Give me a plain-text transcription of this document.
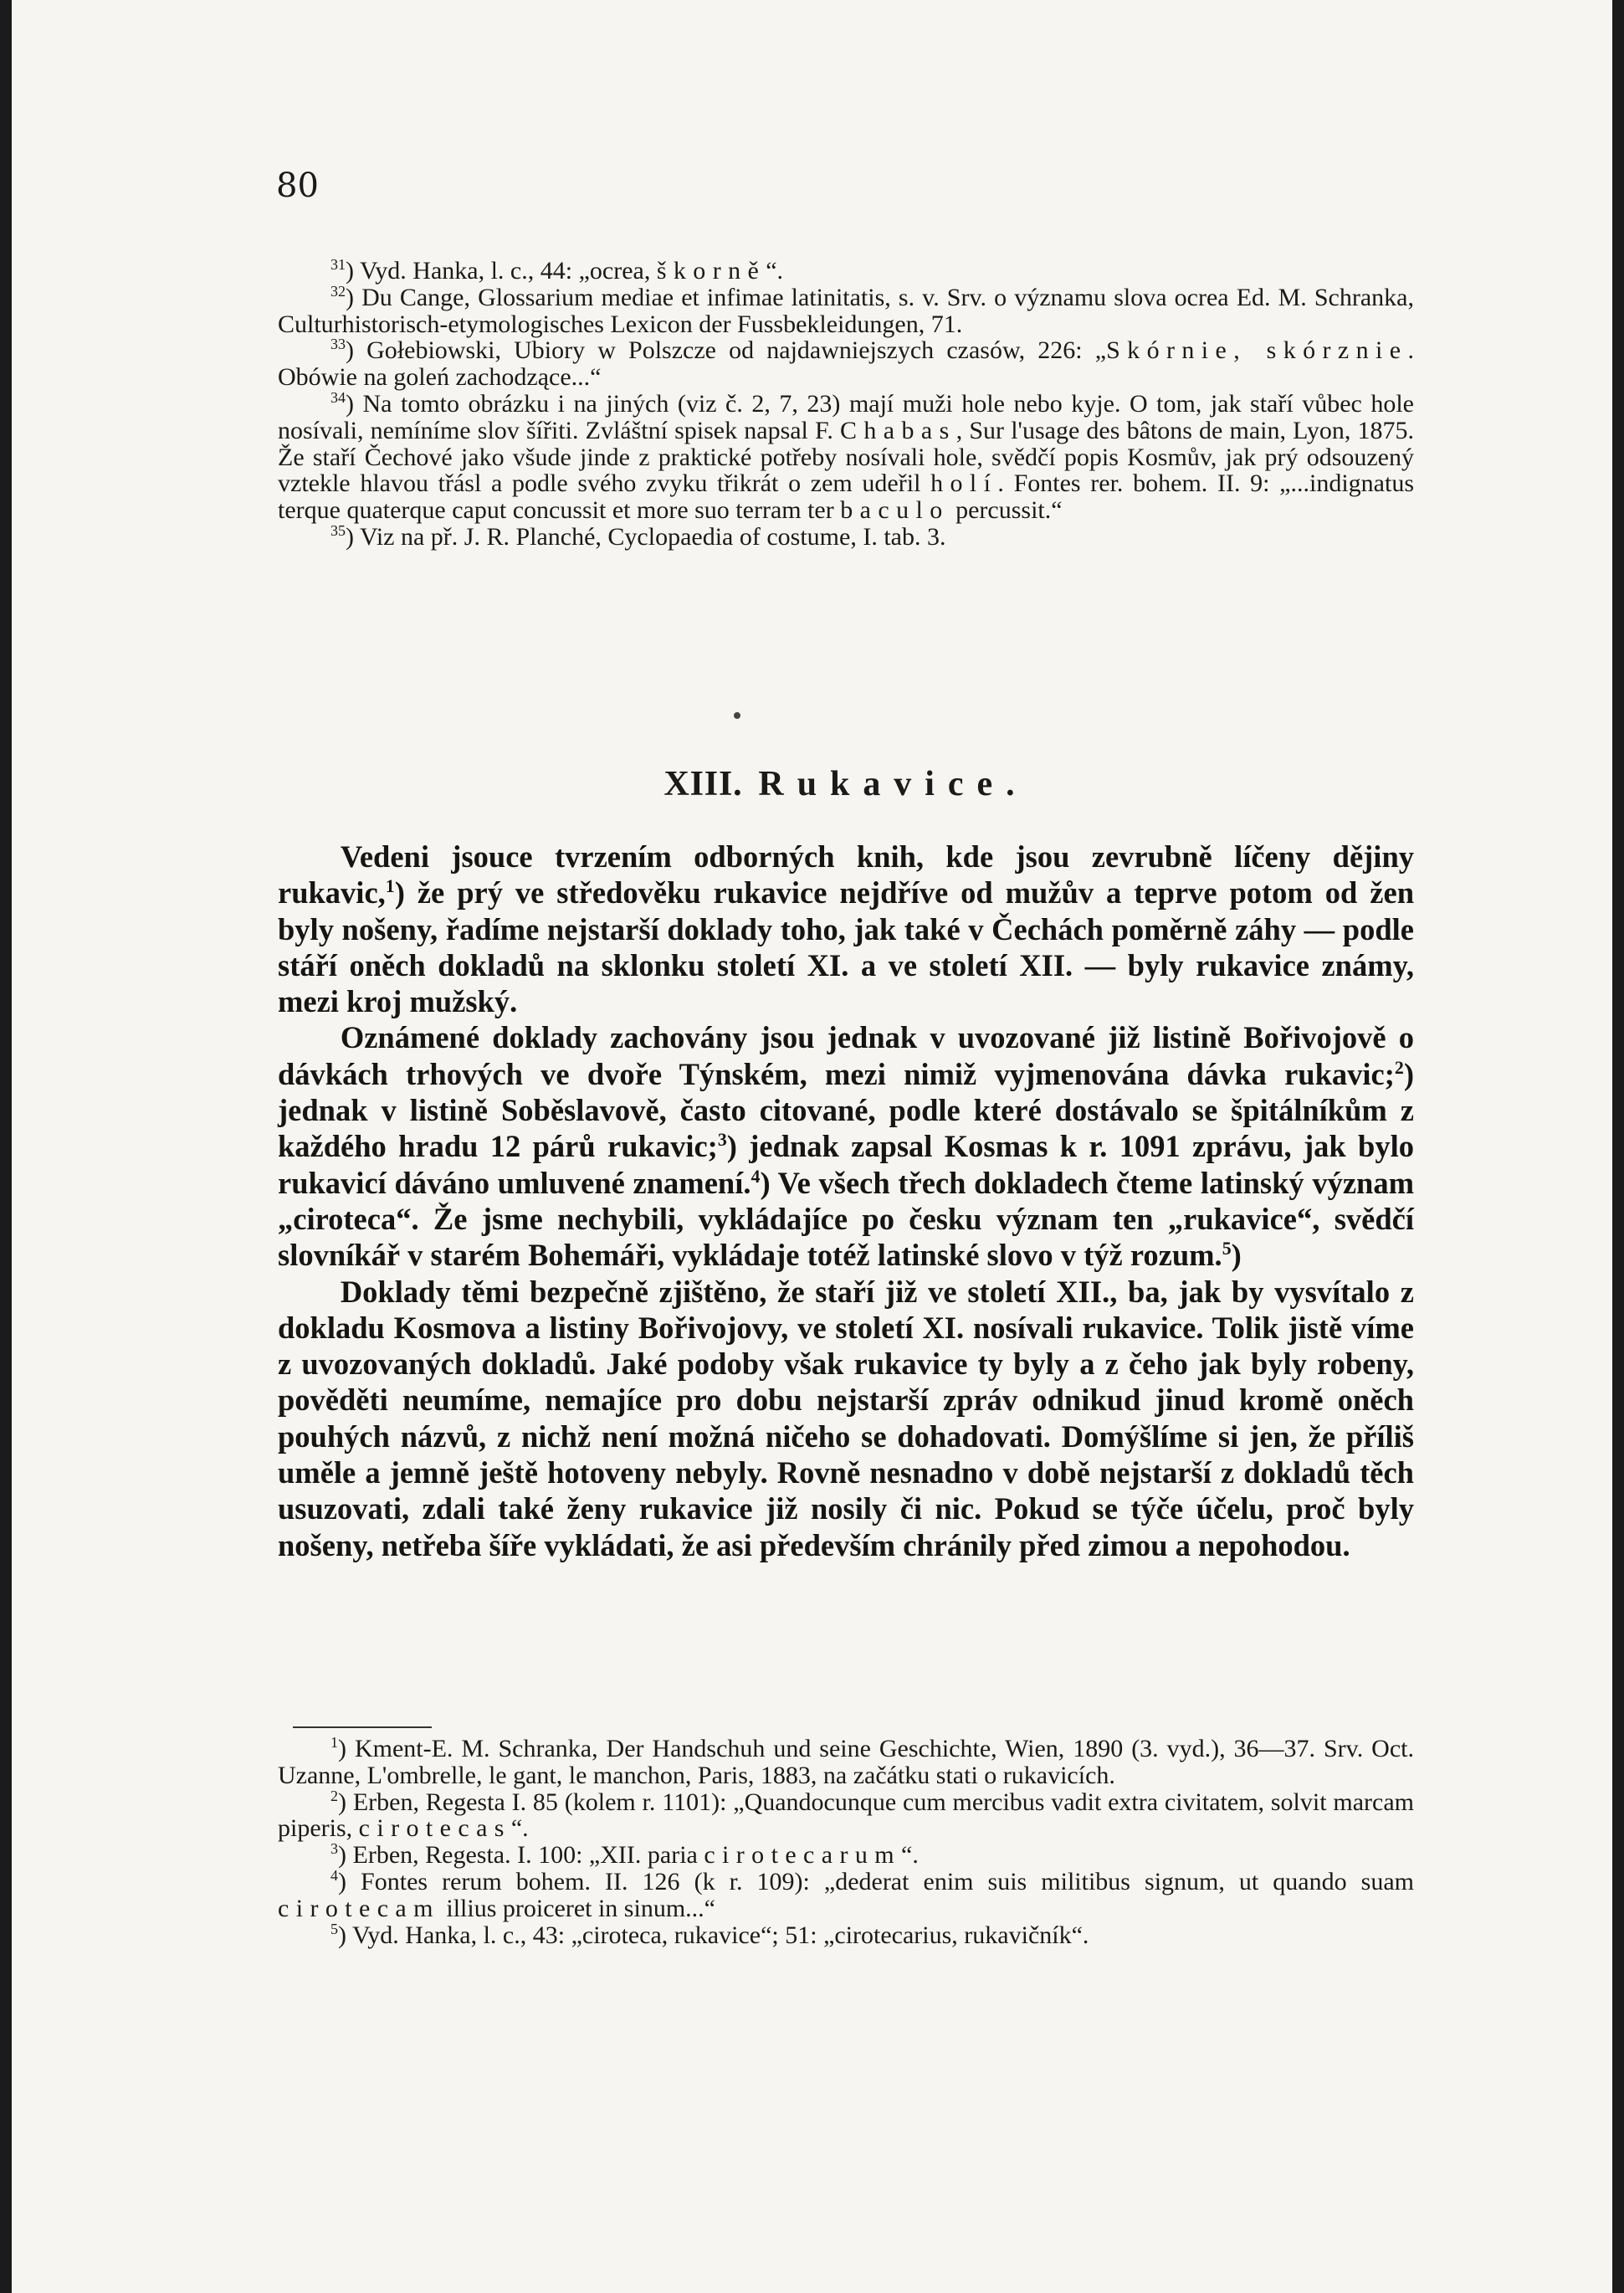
80

$^{31}$) Vyd. Hanka, l. c., 44: „ocrea, škorně“.

$^{32}$) Du Cange, Glossarium mediae et infimae latinitatis, s. v. Srv. o významu slova ocrea Ed. M. Schranka, Culturhistorisch-etymologisches Lexicon der Fussbekleidungen, 71.

$^{33}$) Gołebiowski, Ubiory w Polszcze od najdawniejszych czasów, 226: „Skórnie, skórznie. Obówie na goleń zachodzące...“

$^{34}$) Na tomto obrázku i na jiných (viz č. 2, 7, 23) mají muži hole nebo kyje. O tom, jak staří vůbec hole nosívali, nemíníme slov šířiti. Zvláštní spisek napsal F. Chabas, Sur l'usage des bâtons de main, Lyon, 1875. Že staří Čechové jako všude jinde z praktické potřeby nosívali hole, svědčí popis Kosmův, jak prý odsouzený vztekle hlavou třásl a podle svého zvyku třikrát o zem udeřil holí. Fontes rer. bohem. II. 9: „...indignatus terque quaterque caput concussit et more suo terram ter baculo percussit.“

$^{35}$) Viz na př. J. R. Planché, Cyclopaedia of costume, I. tab. 3.

XIII. Rukavice.

Vedeni jsouce tvrzením odborných knih, kde jsou zevrubně líčeny dějiny rukavic,$^1$) že prý ve středověku rukavice nejdříve od mužův a teprve potom od žen byly nošeny, řadíme nejstarší doklady toho, jak také v Čechách poměrně záhy — podle stáří oněch dokladů na sklonku století XI. a ve století XII. — byly rukavice známy, mezi kroj mužský.

Oznámené doklady zachovány jsou jednak v uvozované již listině Bořivojově o dávkách trhových ve dvoře Týnském, mezi nimiž vyjmenována dávka rukavic;$^2$) jednak v listině Soběslavově, často citované, podle které dostávalo se špitálníkům z každého hradu 12 párů rukavic;$^3$) jednak zapsal Kosmas k r. 1091 zprávu, jak bylo rukavicí dáváno umluvené znamení.$^4$) Ve všech třech dokladech čteme latinský význam „ciroteca“. Že jsme nechybili, vykládajíce po česku význam ten „rukavice“, svědčí slovníkář v starém Bohemáři, vykládaje totéž latinské slovo v týž rozum.$^5$)

Doklady těmi bezpečně zjištěno, že staří již ve století XII., ba, jak by vysvítalo z dokladu Kosmova a listiny Bořivojovy, ve století XI. nosívali rukavice. Tolik jistě víme z uvozovaných dokladů. Jaké podoby však rukavice ty byly a z čeho jak byly robeny, pověděti neumíme, nemajíce pro dobu nejstarší zpráv odnikud jinud kromě oněch pouhých názvů, z nichž není možná ničeho se dohadovati. Domýšlíme si jen, že příliš uměle a jemně ještě hotoveny nebyly. Rovně nesnadno v době nejstarší z dokladů těch usuzovati, zdali také ženy rukavice již nosily či nic. Pokud se týče účelu, proč byly nošeny, netřeba šíře vykládati, že asi především chránily před zimou a nepohodou.

$^1$) Kment-E. M. Schranka, Der Handschuh und seine Geschichte, Wien, 1890 (3. vyd.), 36—37. Srv. Oct. Uzanne, L'ombrelle, le gant, le manchon, Paris, 1883, na začátku stati o rukavicích.

$^2$) Erben, Regesta I. 85 (kolem r. 1101): „Quandocunque cum mercibus vadit extra civitatem, solvit marcam piperis, cirotecas“.

$^3$) Erben, Regesta. I. 100: „XII. paria cirotecarum“.

$^4$) Fontes rerum bohem. II. 126 (k r. 109): „dederat enim suis militibus signum, ut quando suam cirotecam illius proiceret in sinum...“

$^5$) Vyd. Hanka, l. c., 43: „ciroteca, rukavice“; 51: „cirotecarius, rukavičník“.
